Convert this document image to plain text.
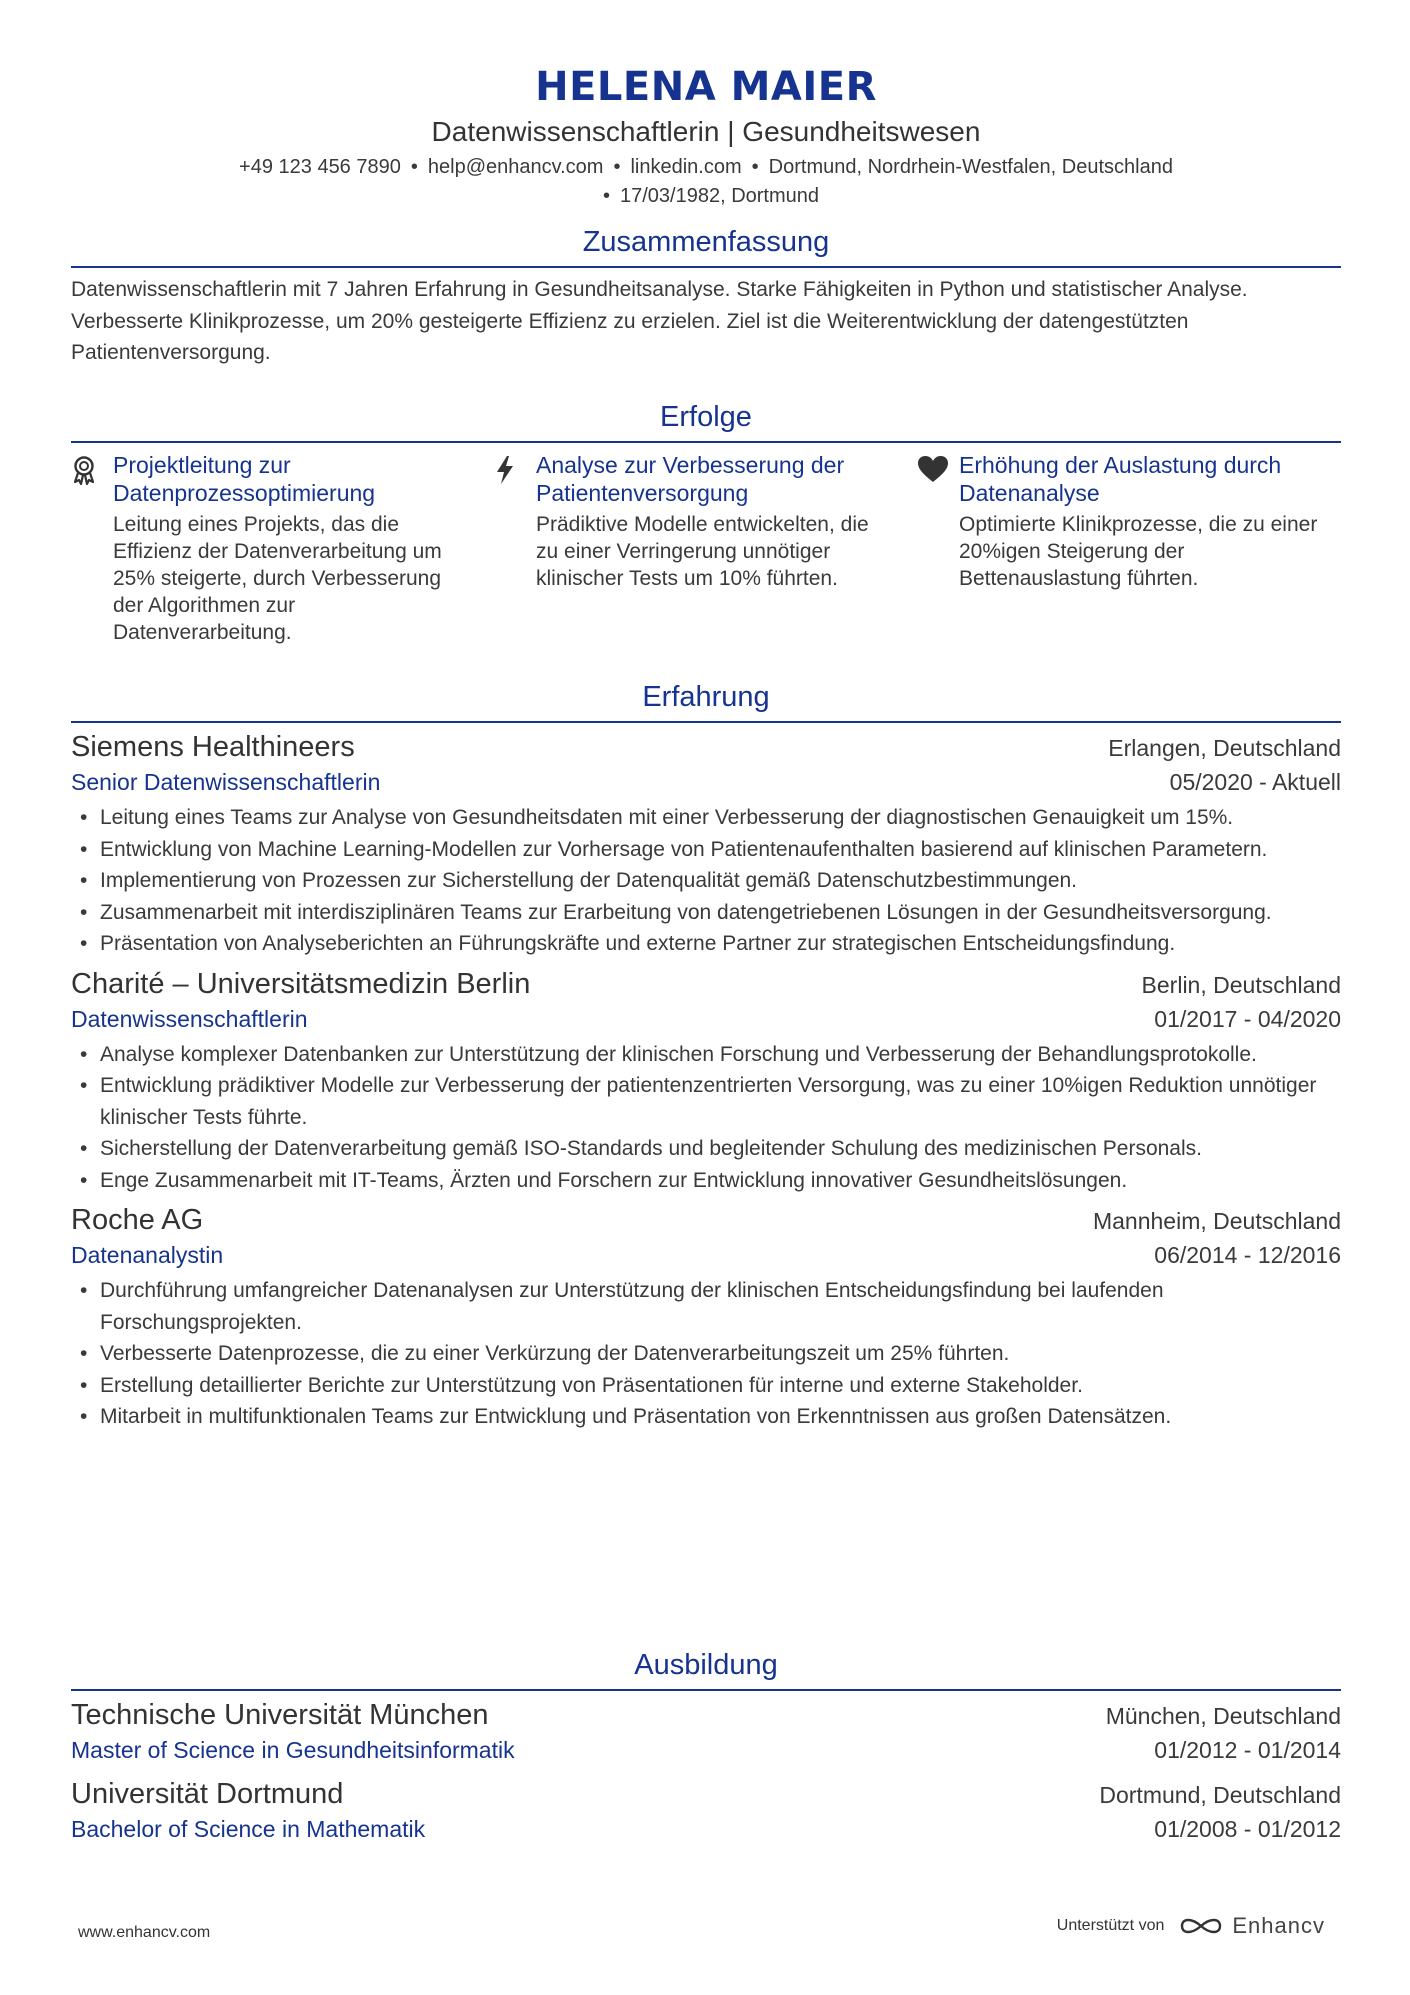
HELENA MAIER
Datenwissenschaftlerin | Gesundheitswesen
+49 123 456 7890 • help@enhancv.com • linkedin.com • Dortmund, Nordrhein-Westfalen, Deutschland
• 17/03/1982, Dortmund
Zusammenfassung
Datenwissenschaftlerin mit 7 Jahren Erfahrung in Gesundheitsanalyse. Starke Fähigkeiten in Python und statistischer Analyse. Verbesserte Klinikprozesse, um 20% gesteigerte Effizienz zu erzielen. Ziel ist die Weiterentwicklung der datengestützten Patientenversorgung.
Erfolge
Projektleitung zur Datenprozessoptimierung
Leitung eines Projekts, das die Effizienz der Datenverarbeitung um 25% steigerte, durch Verbesserung der Algorithmen zur Datenverarbeitung.
Analyse zur Verbesserung der Patientenversorgung
Prädiktive Modelle entwickelten, die zu einer Verringerung unnötiger klinischer Tests um 10% führten.
Erhöhung der Auslastung durch Datenanalyse
Optimierte Klinikprozesse, die zu einer 20%igen Steigerung der Bettenauslastung führten.
Erfahrung
Siemens Healthineers	Erlangen, Deutschland
Senior Datenwissenschaftlerin	05/2020 - Aktuell
• Leitung eines Teams zur Analyse von Gesundheitsdaten mit einer Verbesserung der diagnostischen Genauigkeit um 15%.
• Entwicklung von Machine Learning-Modellen zur Vorhersage von Patientenaufenthalten basierend auf klinischen Parametern.
• Implementierung von Prozessen zur Sicherstellung der Datenqualität gemäß Datenschutzbestimmungen.
• Zusammenarbeit mit interdisziplinären Teams zur Erarbeitung von datengetriebenen Lösungen in der Gesundheitsversorgung.
• Präsentation von Analyseberichten an Führungskräfte und externe Partner zur strategischen Entscheidungsfindung.
Charité – Universitätsmedizin Berlin	Berlin, Deutschland
Datenwissenschaftlerin	01/2017 - 04/2020
• Analyse komplexer Datenbanken zur Unterstützung der klinischen Forschung und Verbesserung der Behandlungsprotokolle.
• Entwicklung prädiktiver Modelle zur Verbesserung der patientenzentrierten Versorgung, was zu einer 10%igen Reduktion unnötiger klinischer Tests führte.
• Sicherstellung der Datenverarbeitung gemäß ISO-Standards und begleitender Schulung des medizinischen Personals.
• Enge Zusammenarbeit mit IT-Teams, Ärzten und Forschern zur Entwicklung innovativer Gesundheitslösungen.
Roche AG	Mannheim, Deutschland
Datenanalystin	06/2014 - 12/2016
• Durchführung umfangreicher Datenanalysen zur Unterstützung der klinischen Entscheidungsfindung bei laufenden Forschungsprojekten.
• Verbesserte Datenprozesse, die zu einer Verkürzung der Datenverarbeitungszeit um 25% führten.
• Erstellung detaillierter Berichte zur Unterstützung von Präsentationen für interne und externe Stakeholder.
• Mitarbeit in multifunktionalen Teams zur Entwicklung und Präsentation von Erkenntnissen aus großen Datensätzen.
Ausbildung
Technische Universität München	München, Deutschland
Master of Science in Gesundheitsinformatik	01/2012 - 01/2014
Universität Dortmund	Dortmund, Deutschland
Bachelor of Science in Mathematik	01/2008 - 01/2012
www.enhancv.com	Unterstützt von	Enhancv
